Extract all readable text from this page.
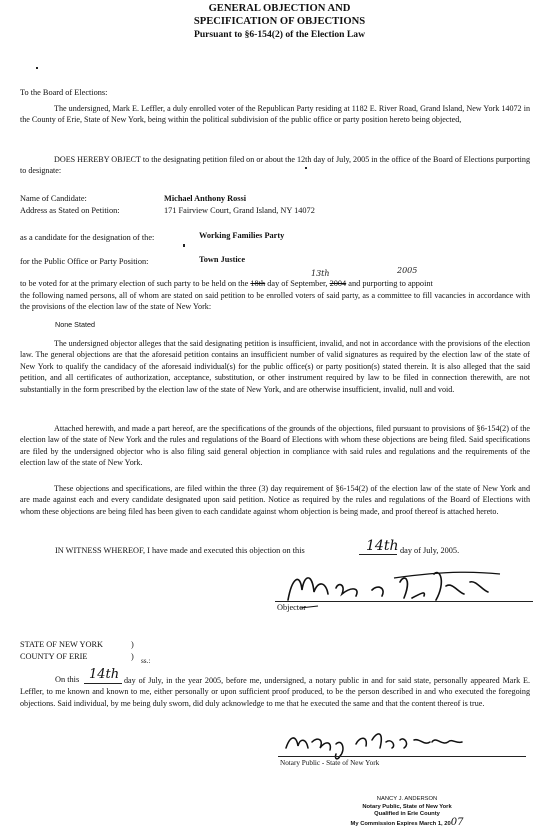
GENERAL OBJECTION AND
SPECIFICATION OF OBJECTIONS
Pursuant to §6-154(2) of the Election Law
To the Board of Elections:
The undersigned, Mark E. Leffler, a duly enrolled voter of the Republican Party residing at 1182 E. River Road, Grand Island, New York 14072 in the County of Erie, State of New York, being within the political subdivision of the public office or party position hereto being objected,
DOES HEREBY OBJECT to the designating petition filed on or about the 12th day of July, 2005 in the office of the Board of Elections purporting to designate:
Name of Candidate:	Michael Anthony Rossi
Address as Stated on Petition:	171 Fairview Court, Grand Island, NY 14072
as a candidate for the designation of the:	Working Families Party
for the Public Office or Party Position:	Town Justice
13th	2005
to be voted for at the primary election of such party to be held on the 18th day of September, 2004 and purporting to appoint
the following named persons, all of whom are stated on said petition to be enrolled voters of said party, as a committee to fill vacancies in accordance with the provisions of the election law of the state of New York:
None Stated
The undersigned objector alleges that the said designating petition is insufficient, invalid, and not in accordance with the provisions of the election law. The general objections are that the aforesaid petition contains an insufficient number of valid signatures as required by the election law of the state of New York to qualify the candidacy of the aforesaid individual(s) for the public office(s) or party position(s) stated therein. It is also alleged that the said petition, and all certificates of authorization, acceptance, substitution, or other instrument required by law to be filed in connection therewith, are not substantially in the form prescribed by the election law of the state of New York, and are otherwise insufficient, invalid, null and void.
Attached herewith, and made a part hereof, are the specifications of the grounds of the objections, filed pursuant to provisions of §6-154(2) of the election law of the state of New York and the rules and regulations of the Board of Elections with whom these objections are being filed. Said specifications are filed by the undersigned objector who is also filing said general objection in compliance with said rules and regulations and the requirements of the election law of the state of New York.
These objections and specifications, are filed within the three (3) day requirement of §6-154(2) of the election law of the state of New York and are made against each and every candidate designated upon said petition. Notice as required by the rules and regulations of the Board of Elections with whom these objections are being filed has been given to each candidate against whom objection is being made, and proof thereof is attached hereto.
IN WITNESS WHEREOF, I have made and executed this objection on this	14th day of July, 2005.
Objector
STATE OF NEW YORK	)
COUNTY OF ERIE	) ss.:
On this 14th day of July, in the year 2005, before me, undersigned, a notary public in and for said state, personally appeared Mark E. Leffler, to me known and known to me, either personally or upon sufficient proof produced, to be the person described in and who executed the foregoing objections. Said individual, by me being duly sworn, did duly acknowledge to me that he executed the same and that the content thereof is true.
Notary Public - State of New York
NANCY J. ANDERSON
Notary Public, State of New York
Qualified in Erie County
My Commission Expires March 1, 2007
